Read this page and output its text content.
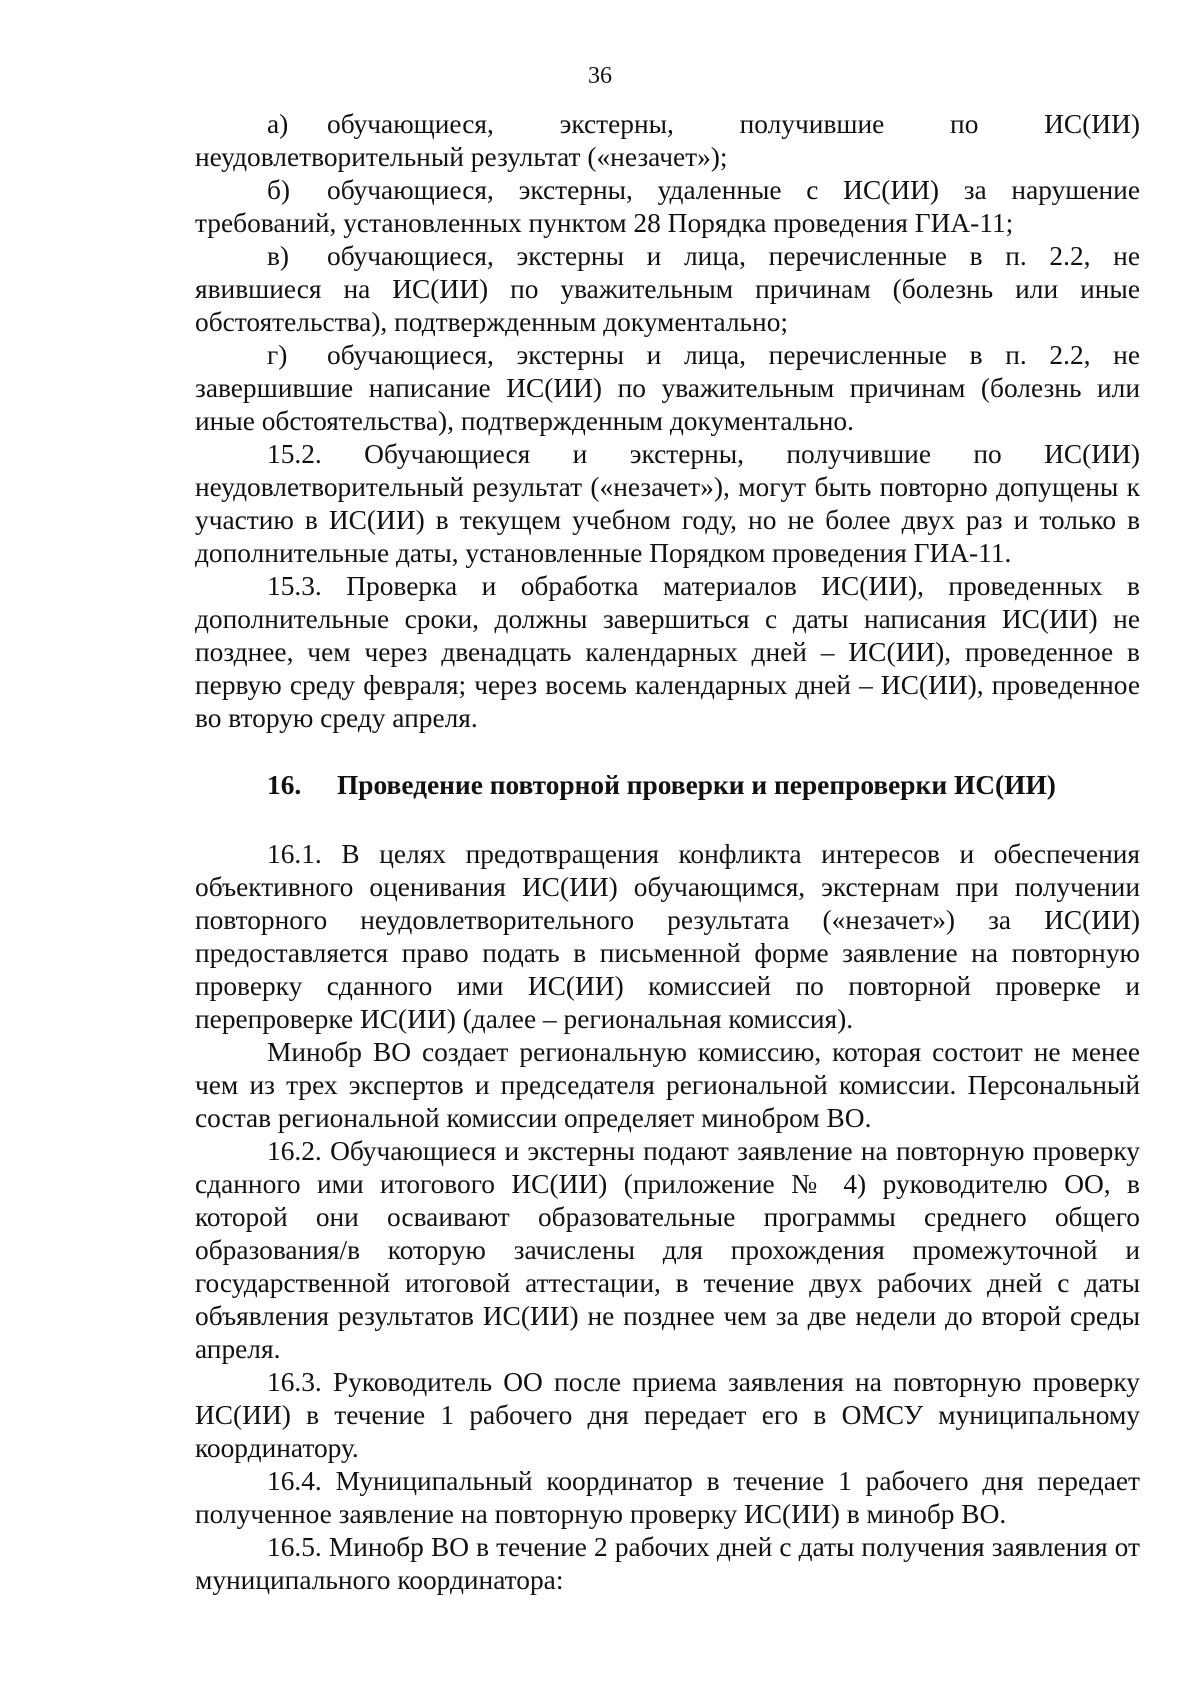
36

а) обучающиеся, экстерны, получившие по ИС(ИИ) неудовлетворительный результат («незачет»);

б) обучающиеся, экстерны, удаленные с ИС(ИИ) за нарушение требований, установленных пунктом 28 Порядка проведения ГИА-11;

в) обучающиеся, экстерны и лица, перечисленные в п. 2.2, не явившиеся на ИС(ИИ) по уважительным причинам (болезнь или иные обстоятельства), подтвержденным документально;

г) обучающиеся, экстерны и лица, перечисленные в п. 2.2, не завершившие написание ИС(ИИ) по уважительным причинам (болезнь или иные обстоятельства), подтвержденным документально.

15.2. Обучающиеся и экстерны, получившие по ИС(ИИ) неудовлетворительный результат («незачет»), могут быть повторно допущены к участию в ИС(ИИ) в текущем учебном году, но не более двух раз и только в дополнительные даты, установленные Порядком проведения ГИА-11.

15.3. Проверка и обработка материалов ИС(ИИ), проведенных в дополнительные сроки, должны завершиться с даты написания ИС(ИИ) не позднее, чем через двенадцать календарных дней – ИС(ИИ), проведенное в первую среду февраля; через восемь календарных дней – ИС(ИИ), проведенное во вторую среду апреля.

16.	Проведение повторной проверки и перепроверки ИС(ИИ)

16.1. В целях предотвращения конфликта интересов и обеспечения объективного оценивания ИС(ИИ) обучающимся, экстернам при получении повторного неудовлетворительного результата («незачет») за ИС(ИИ) предоставляется право подать в письменной форме заявление на повторную проверку сданного ими ИС(ИИ) комиссией по повторной проверке и перепроверке ИС(ИИ) (далее – региональная комиссия).

Минобр ВО создает региональную комиссию, которая состоит не менее чем из трех экспертов и председателя региональной комиссии. Персональный состав региональной комиссии определяет минобром ВО.

16.2. Обучающиеся и экстерны подают заявление на повторную проверку сданного ими итогового ИС(ИИ) (приложение № 4) руководителю ОО, в которой они осваивают образовательные программы среднего общего образования/в которую зачислены для прохождения промежуточной и государственной итоговой аттестации, в течение двух рабочих дней с даты объявления результатов ИС(ИИ) не позднее чем за две недели до второй среды апреля.

16.3. Руководитель ОО после приема заявления на повторную проверку ИС(ИИ) в течение 1 рабочего дня передает его в ОМСУ муниципальному координатору.

16.4. Муниципальный координатор в течение 1 рабочего дня передает полученное заявление на повторную проверку ИС(ИИ) в минобр ВО.

16.5. Минобр ВО в течение 2 рабочих дней с даты получения заявления от муниципального координатора:
